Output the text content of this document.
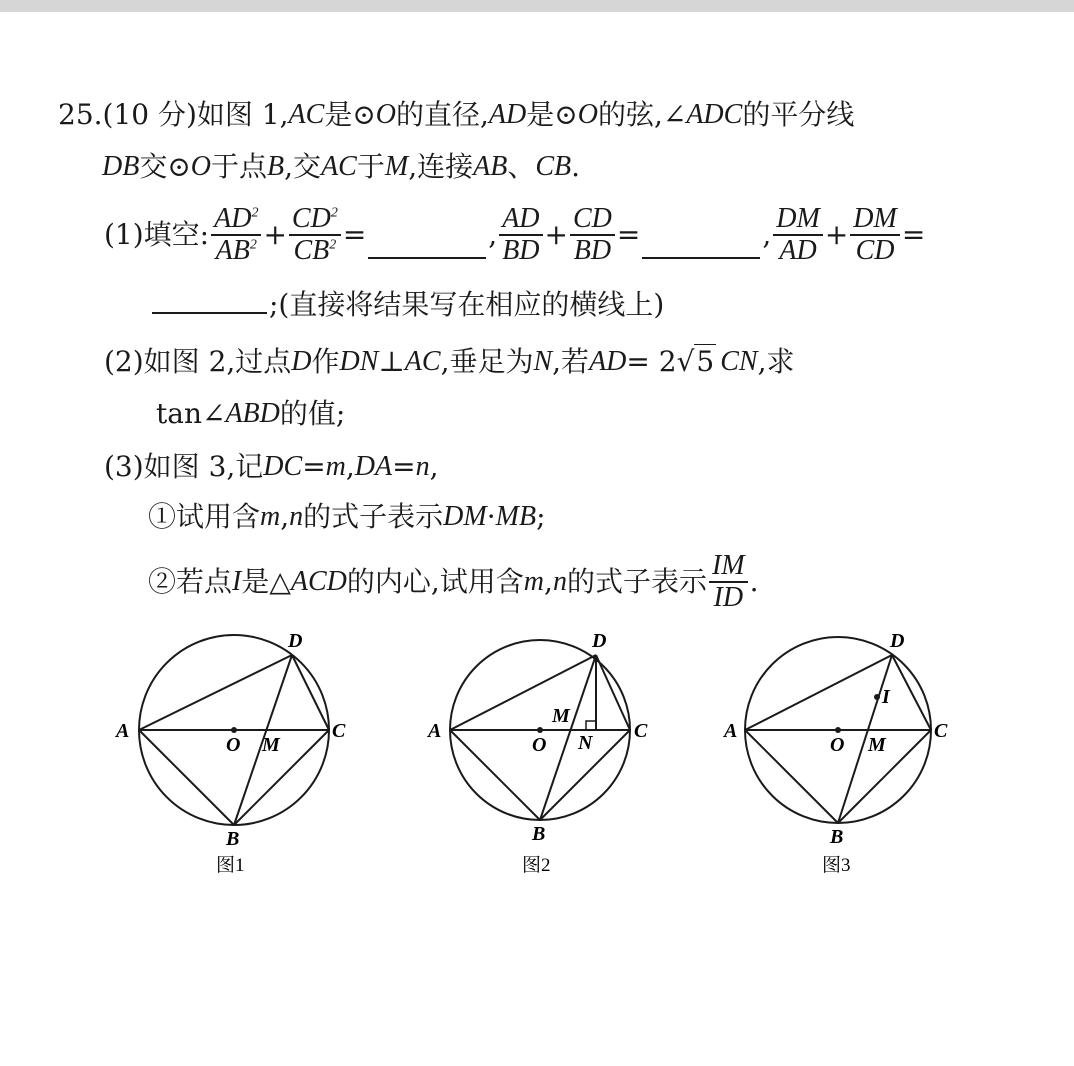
25.(10 分)如图 1, AC 是⊙ O 的直径, AD 是⊙ O 的弦,∠ ADC 的平分线
DB 交⊙ O 于点 B ,交 AC 于 M ,连接 AB 、 CB .
(1)填空: $\frac{AD^2}{AB^2} + \frac{CD^2}{CB^2}$ =	, $\frac{AD}{BD} + \frac{CD}{BD}$ =	, $\frac{DM}{AD} + \frac{DM}{CD}$ =
;(直接将结果写在相应的横线上)
(2)如图 2,过点 D 作 DN ⊥ AC ,垂足为 N ,若 AD = 2 √5 CN ,求
tan∠ ABD 的值;
(3)如图 3,记 DC = m , DA = n ,
①试用含 m , n 的式子表示 DM · MB ;
②若点 I 是△ ACD 的内心,试用含 m , n 的式子表示 $\frac{IM}{ID}$ .
A	C
D
B
O M
图1
A	C
D
B
O
M
N
图2
A	C
D
B
O M
I
图3
